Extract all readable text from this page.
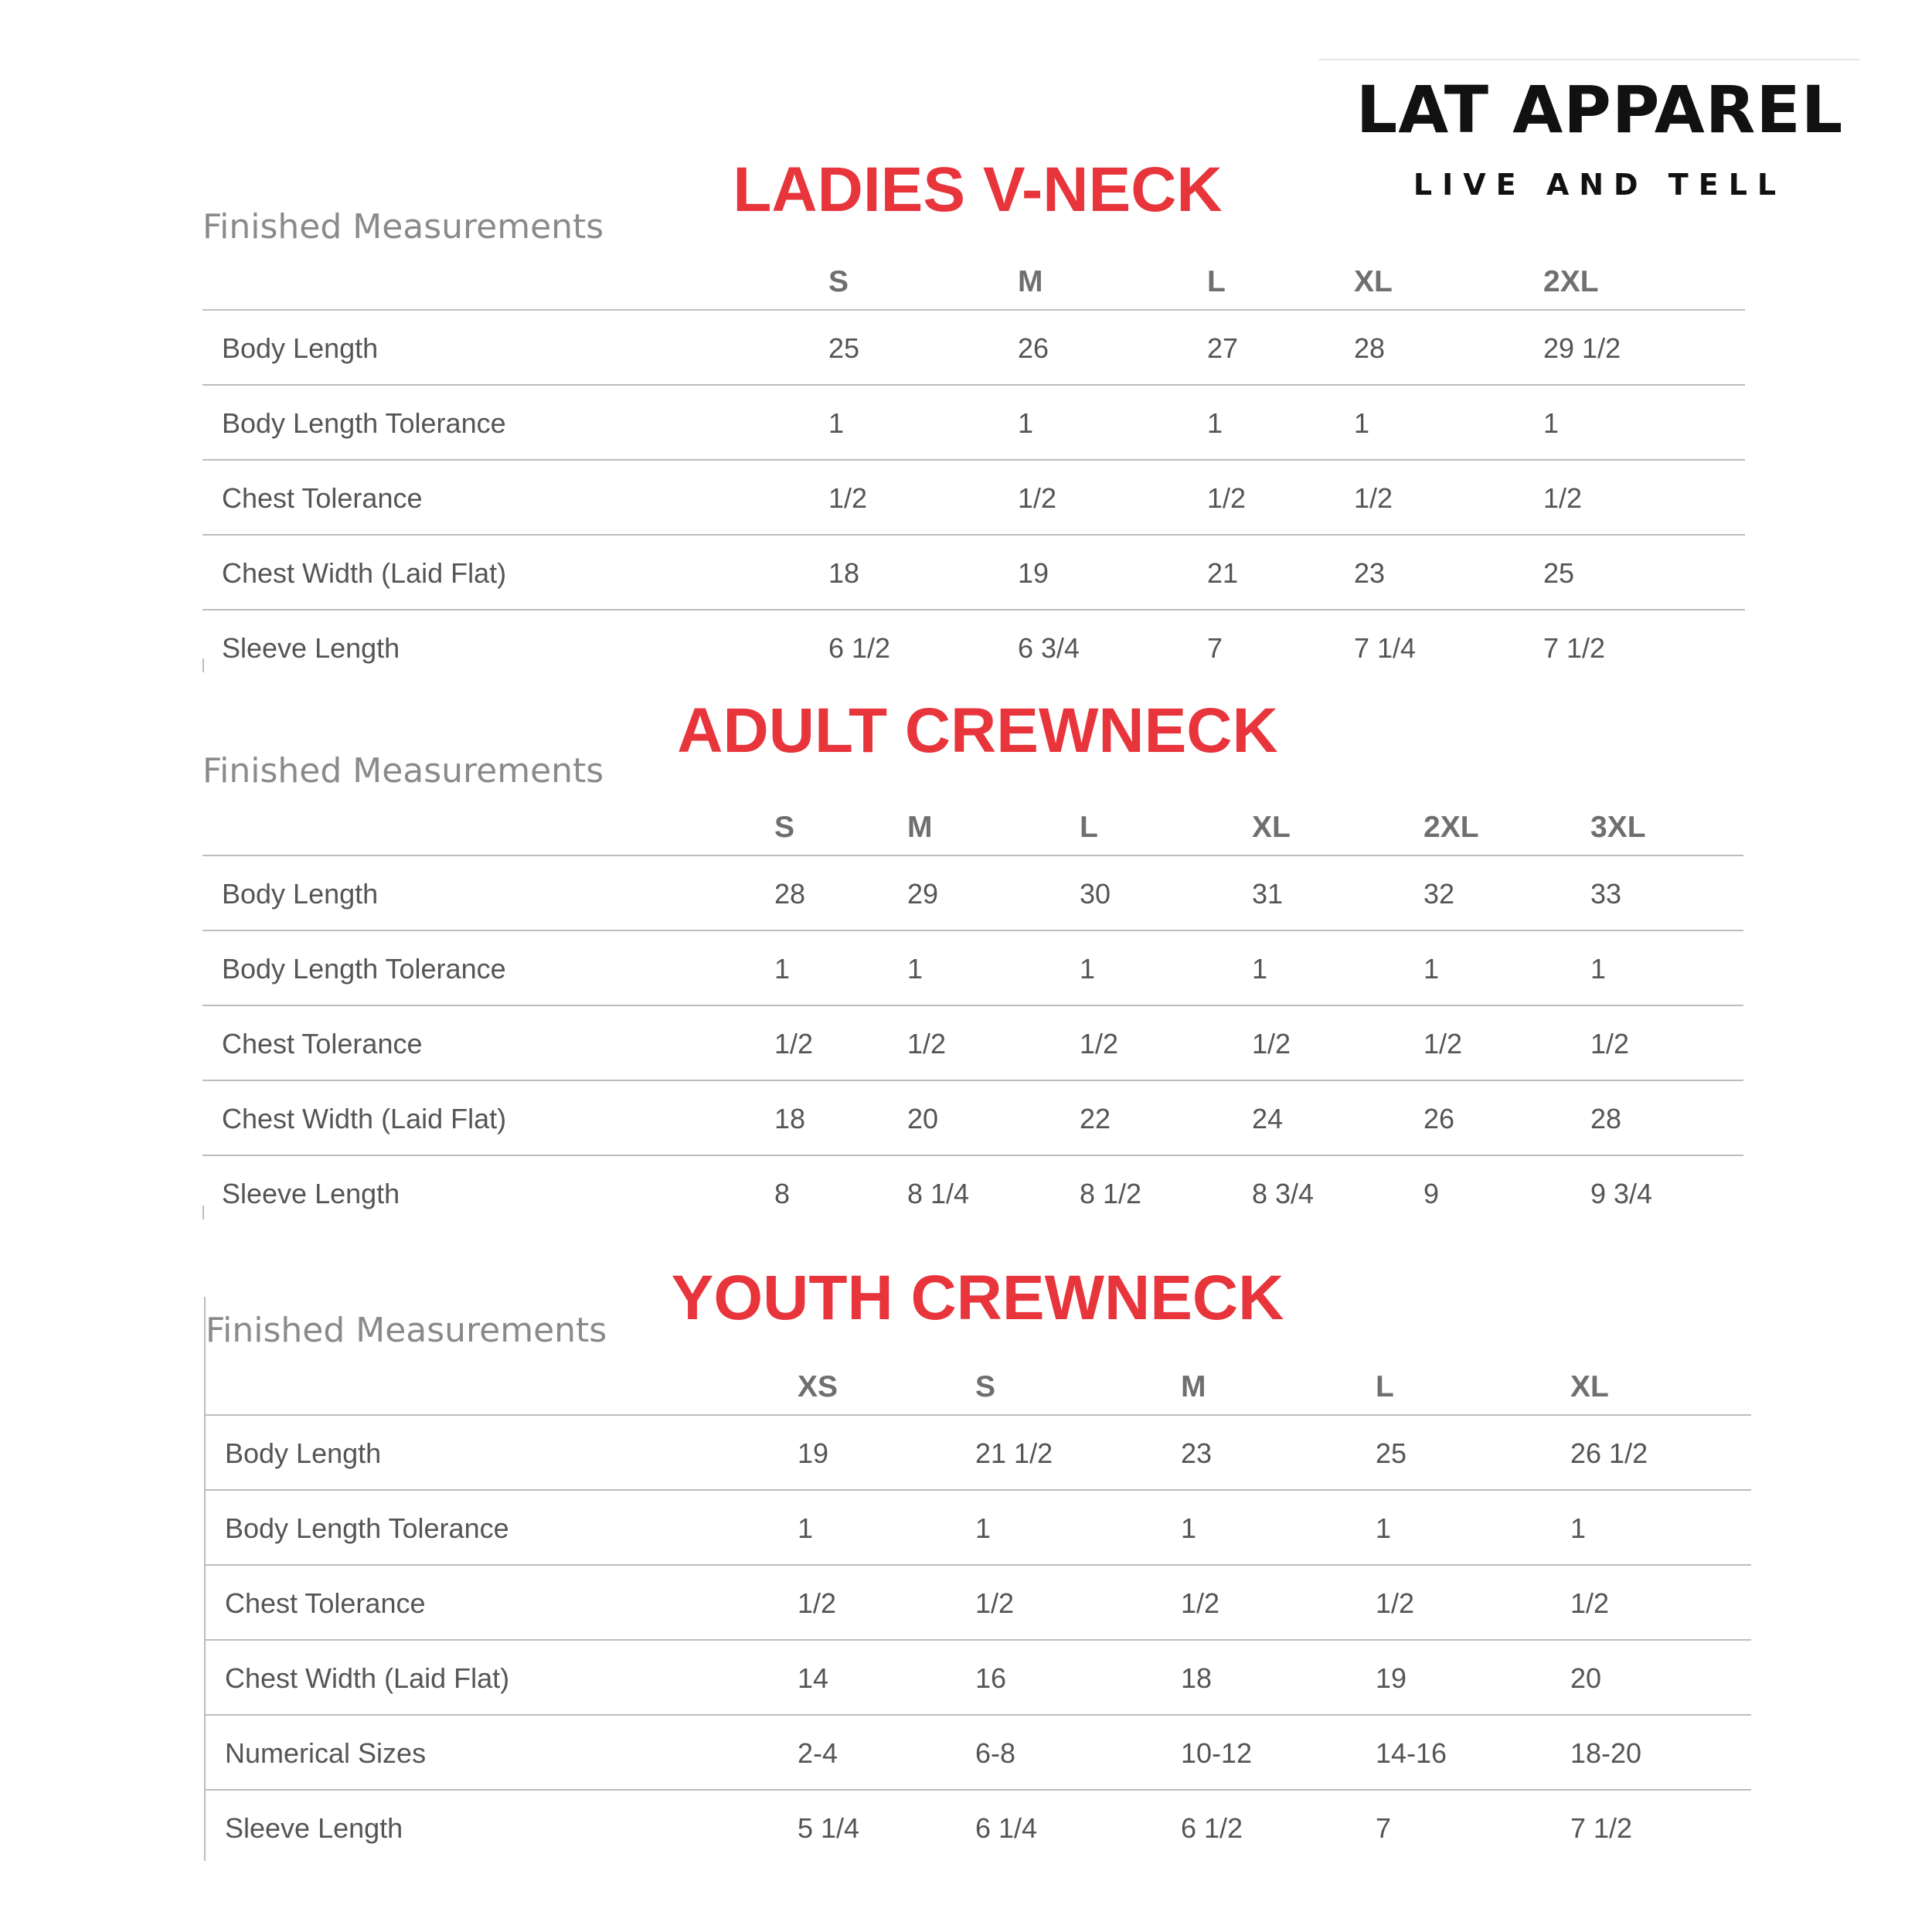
LAT APPAREL
LIVE AND TELL
LADIES V-NECK
Finished Measurements
S	M	L	XL	2XL
Body Length	25	26	27	28	29 1/2
Body Length Tolerance	1	1	1	1	1
Chest Tolerance	1/2	1/2	1/2	1/2	1/2
Chest Width (Laid Flat)	18	19	21	23	25
Sleeve Length	6 1/2	6 3/4	7	7 1/4	7 1/2
ADULT CREWNECK
Finished Measurements
S	M	L	XL	2XL	3XL
Body Length	28	29	30	31	32	33
Body Length Tolerance	1	1	1	1	1	1
Chest Tolerance	1/2	1/2	1/2	1/2	1/2	1/2
Chest Width (Laid Flat)	18	20	22	24	26	28
Sleeve Length	8	8 1/4	8 1/2	8 3/4	9	9 3/4
YOUTH CREWNECK
Finished Measurements
XS	S	M	L	XL
Body Length	19	21 1/2	23	25	26 1/2
Body Length Tolerance	1	1	1	1	1
Chest Tolerance	1/2	1/2	1/2	1/2	1/2
Chest Width (Laid Flat)	14	16	18	19	20
Numerical Sizes	2-4	6-8	10-12	14-16	18-20
Sleeve Length	5 1/4	6 1/4	6 1/2	7	7 1/2
